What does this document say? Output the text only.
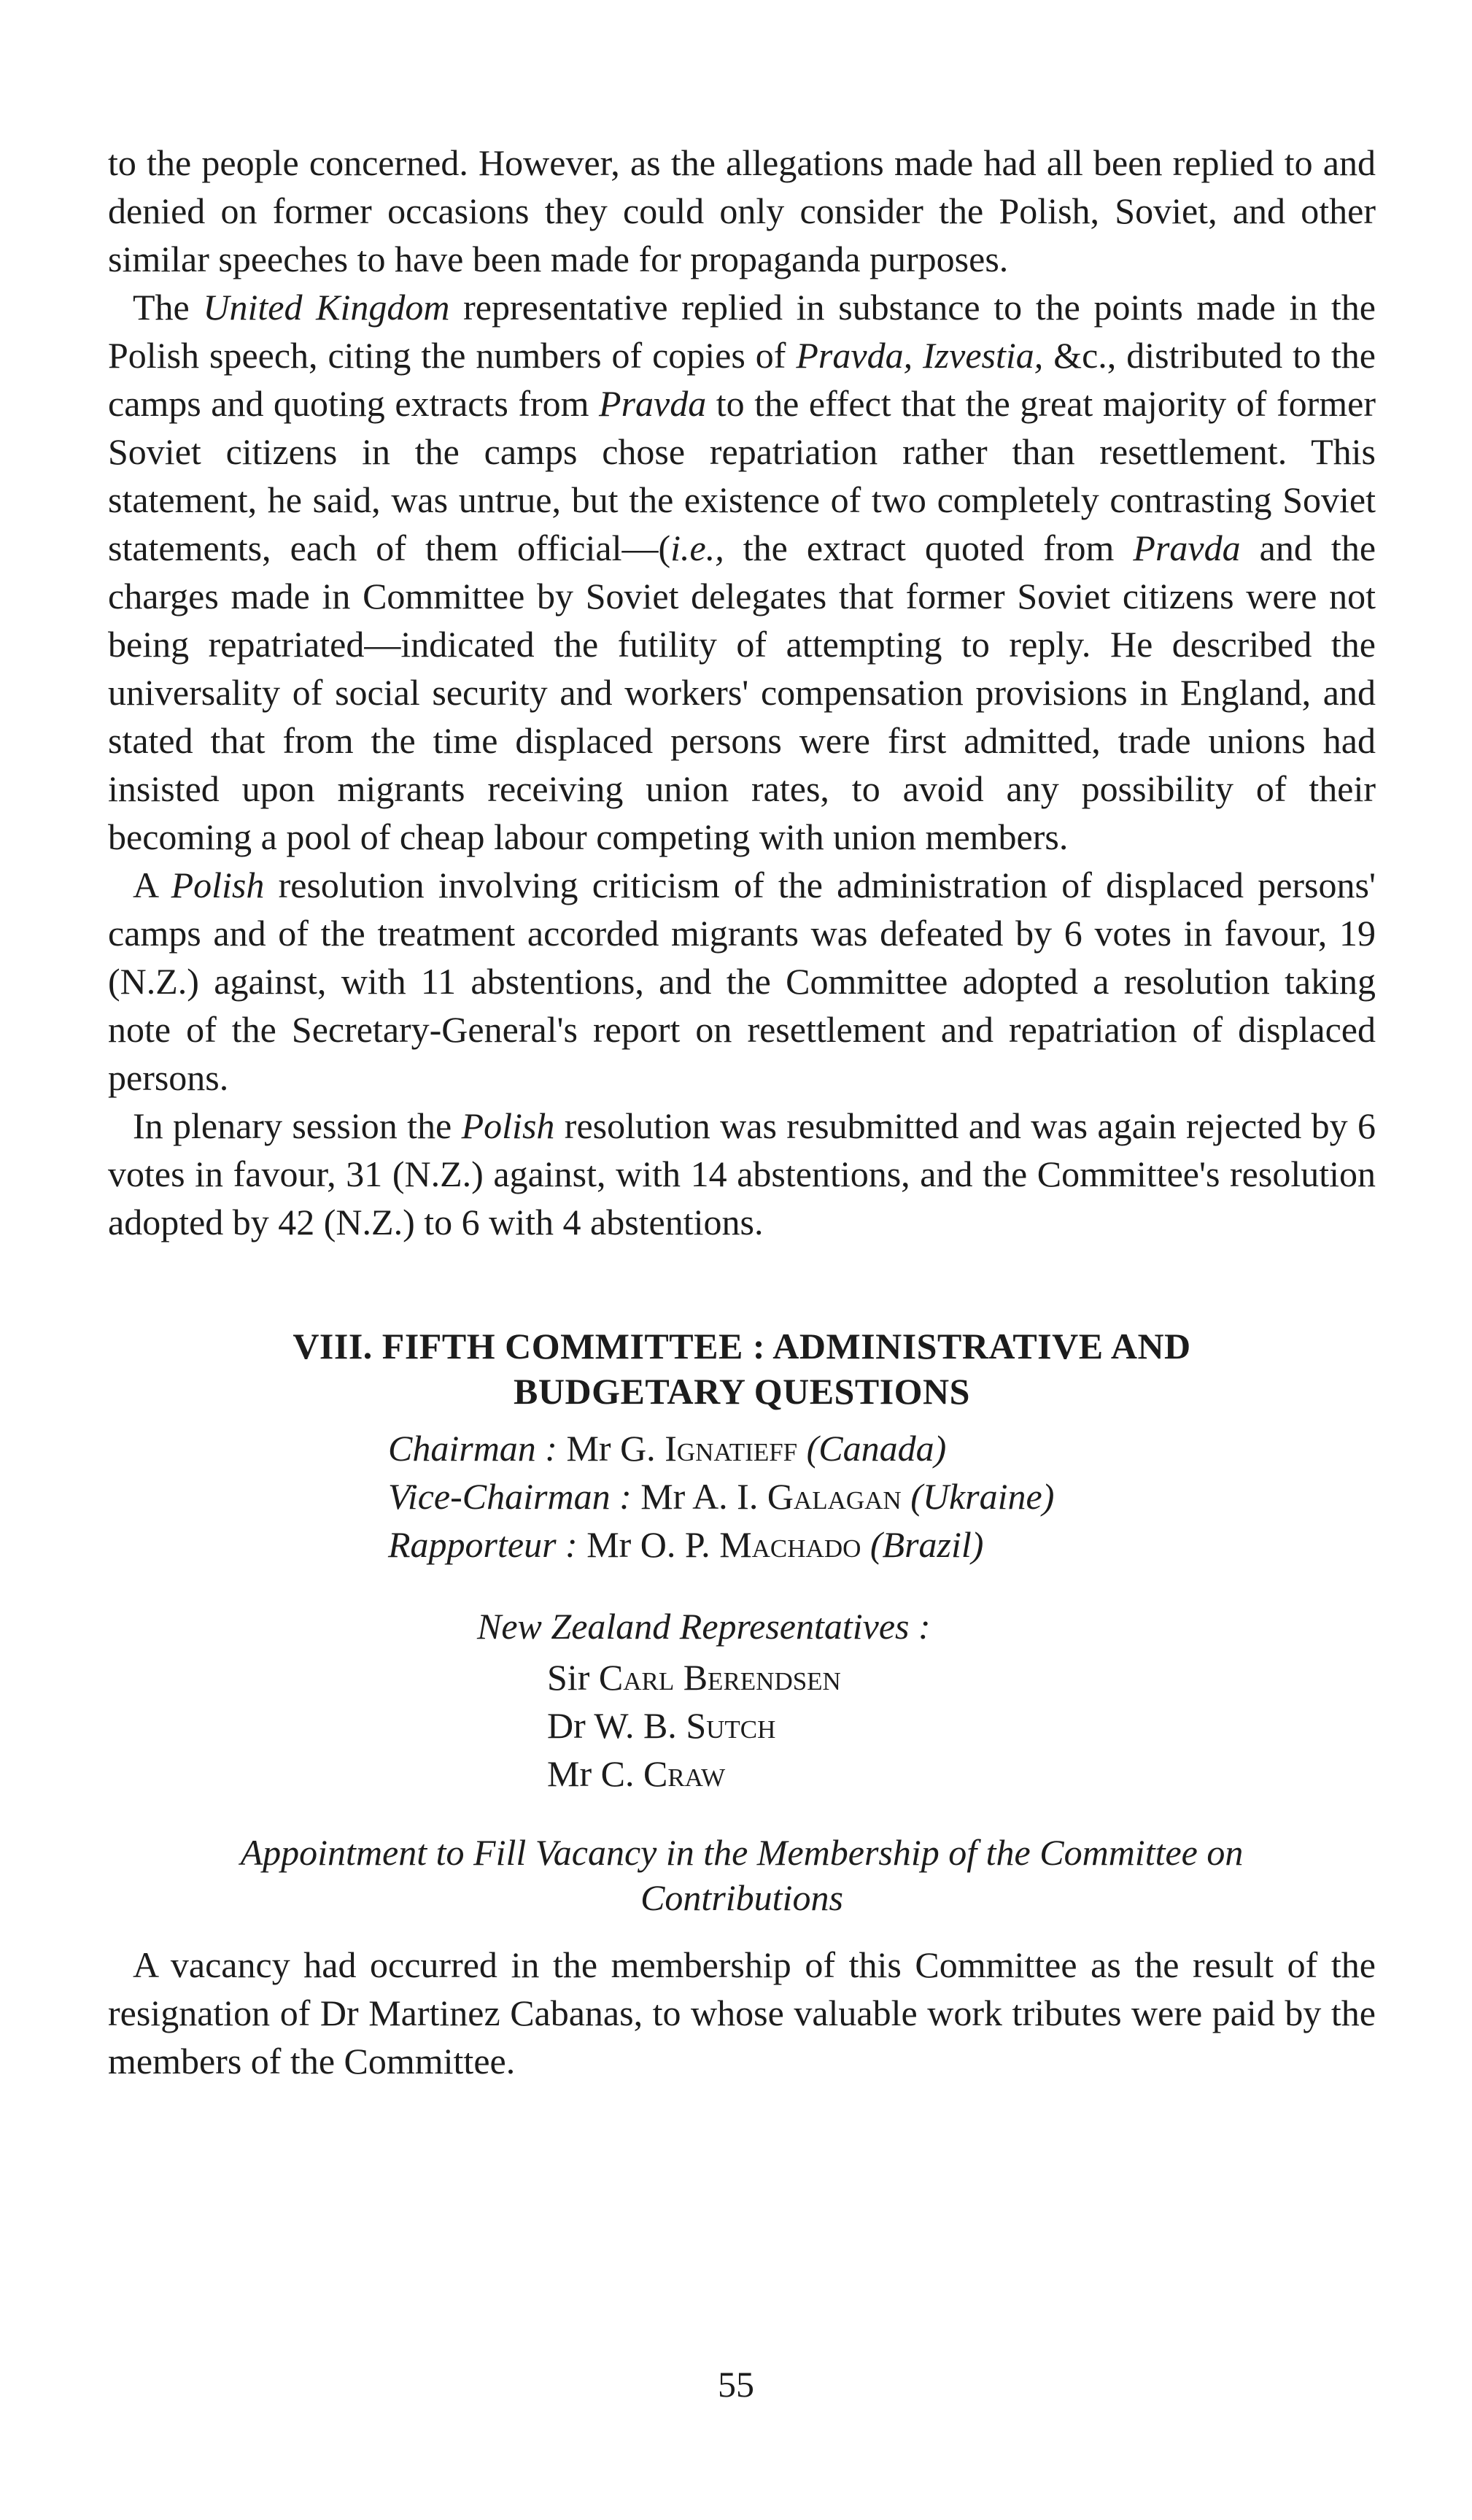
to the people concerned. However, as the allegations made had all been replied to and denied on former occasions they could only consider the Polish, Soviet, and other similar speeches to have been made for propaganda purposes.

The United Kingdom representative replied in substance to the points made in the Polish speech, citing the numbers of copies of Pravda, Izvestia, &c., distributed to the camps and quoting extracts from Pravda to the effect that the great majority of former Soviet citizens in the camps chose repatriation rather than resettlement. This statement, he said, was untrue, but the existence of two completely contrasting Soviet statements, each of them official—(i.e., the extract quoted from Pravda and the charges made in Committee by Soviet delegates that former Soviet citizens were not being repatriated—indicated the futility of attempting to reply. He described the universality of social security and workers' compensation provisions in England, and stated that from the time displaced persons were first admitted, trade unions had insisted upon migrants receiving union rates, to avoid any possibility of their becoming a pool of cheap labour competing with union members.

A Polish resolution involving criticism of the administration of displaced persons' camps and of the treatment accorded migrants was defeated by 6 votes in favour, 19 (N.Z.) against, with 11 abstentions, and the Committee adopted a resolution taking note of the Secretary-General's report on resettlement and repatriation of displaced persons.

In plenary session the Polish resolution was resubmitted and was again rejected by 6 votes in favour, 31 (N.Z.) against, with 14 abstentions, and the Committee's resolution adopted by 42 (N.Z.) to 6 with 4 abstentions.

VIII. FIFTH COMMITTEE : ADMINISTRATIVE AND
BUDGETARY QUESTIONS
Chairman : Mr G. Ignatieff (Canada)
Vice-Chairman : Mr A. I. Galagan (Ukraine)
Rapporteur : Mr O. P. Machado (Brazil)
New Zealand Representatives :
Sir Carl Berendsen
Dr W. B. Sutch
Mr C. Craw
Appointment to Fill Vacancy in the Membership of the Committee on
Contributions

A vacancy had occurred in the membership of this Committee as the result of the resignation of Dr Martinez Cabanas, to whose valuable work tributes were paid by the members of the Committee.

55
